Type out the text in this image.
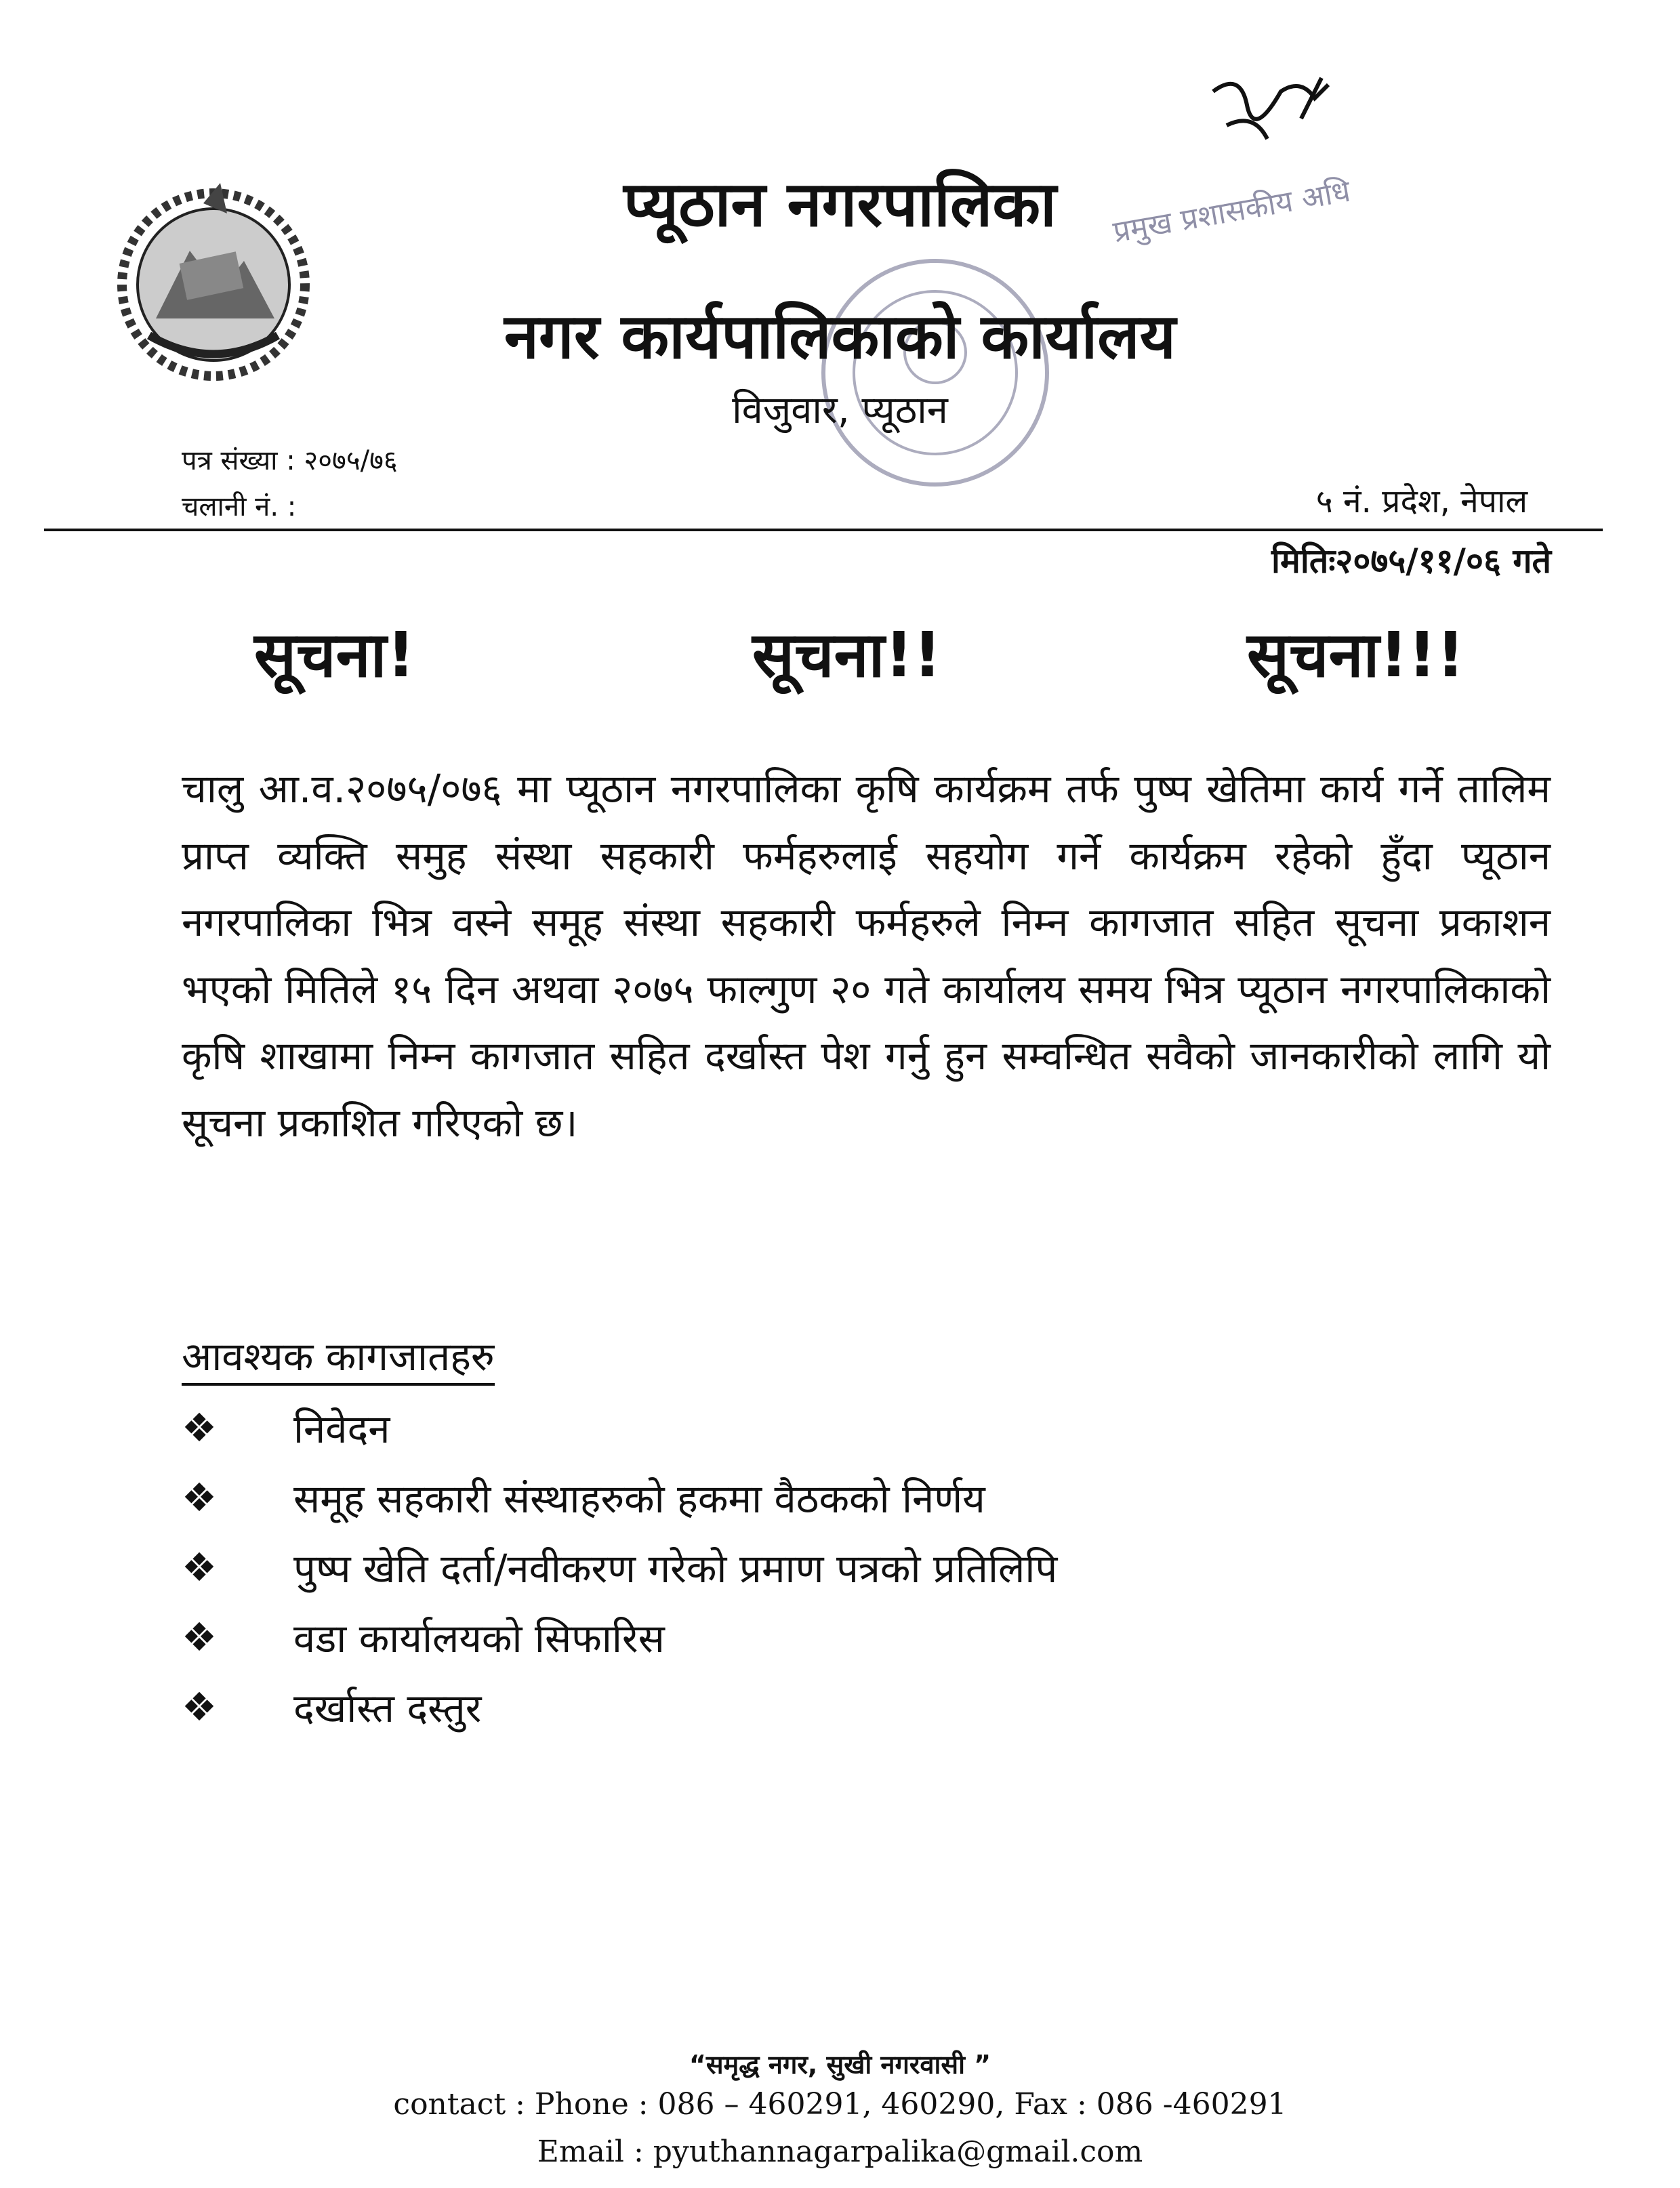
प्रमुख प्रशासकीय अधि
प्यूठान नगरपालिका
नगर कार्यपालिकाको कार्यालय
विजुवार, प्यूठान
पत्र संख्या : २०७५/७६
चलानी नं. :	५ नं. प्रदेश, नेपाल
मितिः२०७५/११/०६ गते
सूचना!	सूचना!!	सूचना!!!
चालु आ.व.२०७५/०७६ मा प्यूठान नगरपालिका कृषि कार्यक्रम तर्फ पुष्प खेतिमा कार्य गर्ने तालिम प्राप्त व्यक्ति समुह संस्था सहकारी फर्महरुलाई सहयोग गर्ने कार्यक्रम रहेको हुँदा प्यूठान नगरपालिका भित्र वस्ने समूह संस्था सहकारी फर्महरुले निम्न कागजात सहित सूचना प्रकाशन भएको मितिले १५ दिन अथवा २०७५ फाल्गुण २० गते कार्यालय समय भित्र प्यूठान नगरपालिकाको कृषि शाखामा निम्न कागजात सहित दर्खास्त पेश गर्नु हुन सम्वन्धित सवैको जानकारीको लागि यो सूचना प्रकाशित गरिएको छ।
आवश्यक कागजातहरु
❖	निवेदन
❖	समूह सहकारी संस्थाहरुको हकमा वैठकको निर्णय
❖	पुष्प खेति दर्ता/नवीकरण गरेको प्रमाण पत्रको प्रतिलिपि
❖	वडा कार्यालयको सिफारिस
❖	दर्खास्त दस्तुर
“समृद्ध नगर, सुखी नगरवासी ”
contact : Phone : 086 – 460291, 460290, Fax : 086 -460291
Email : pyuthannagarpalika@gmail.com
